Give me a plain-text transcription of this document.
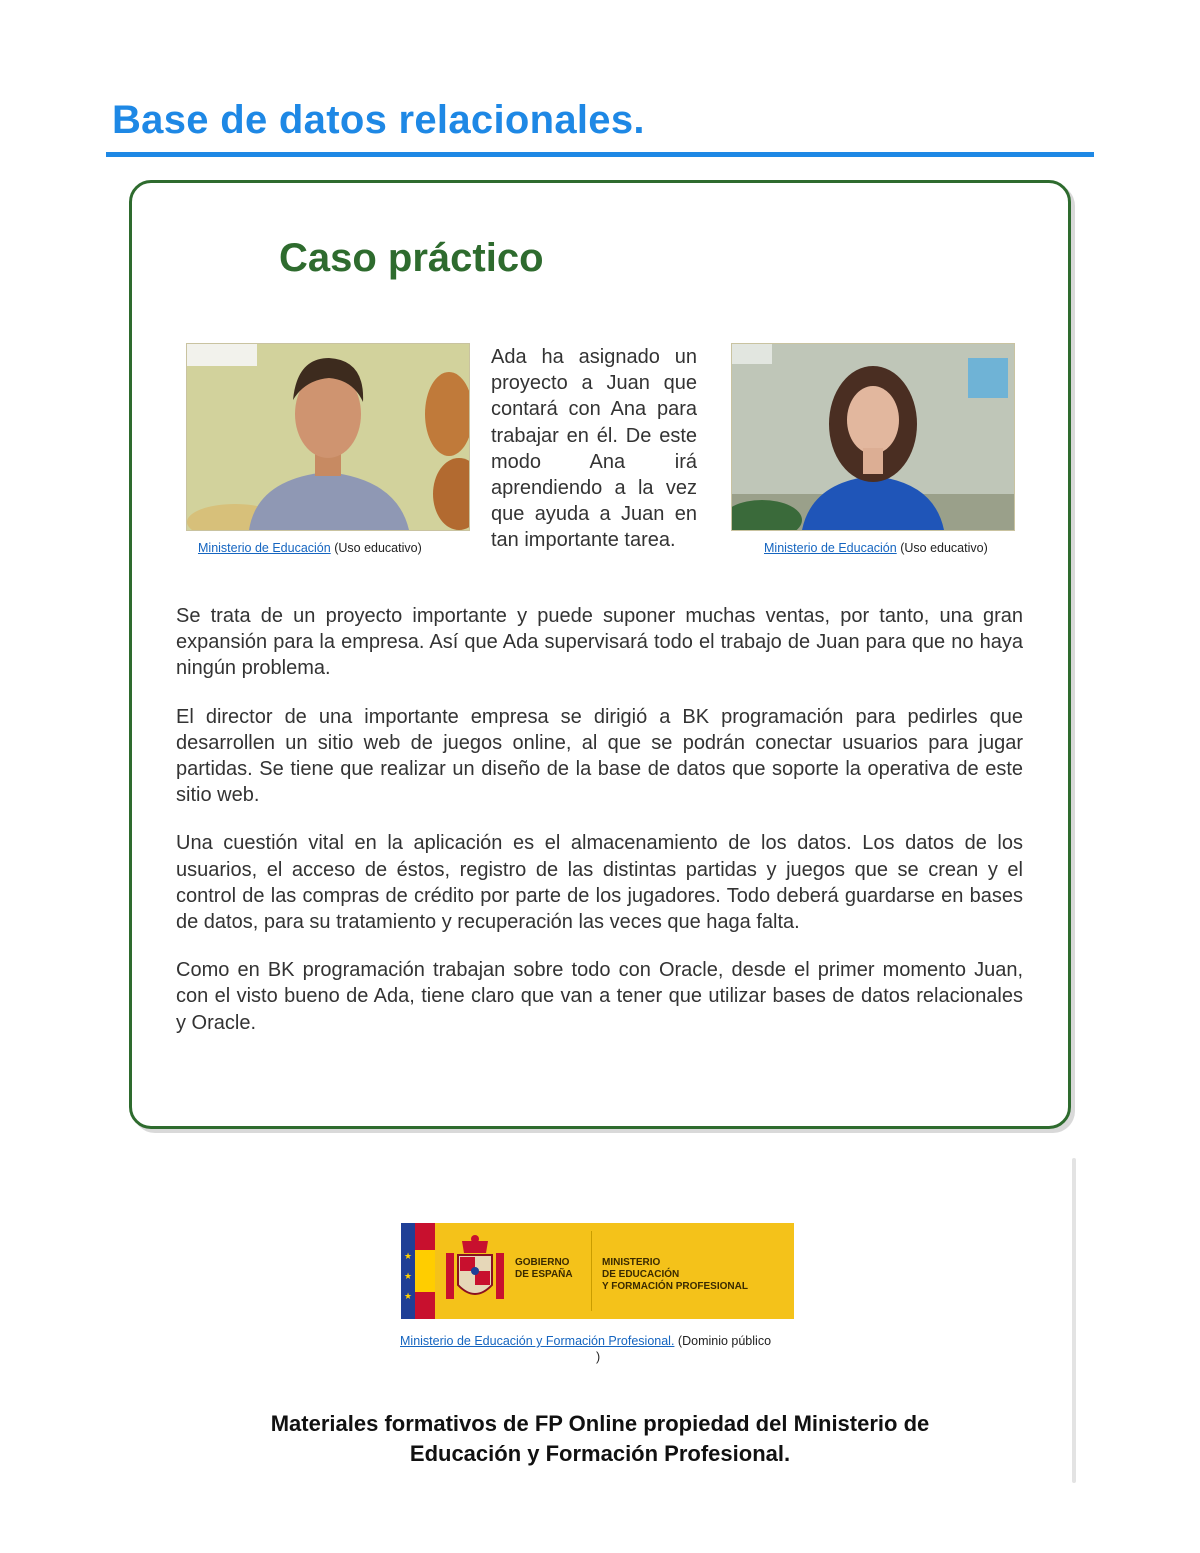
Base de datos relacionales.
Caso práctico
Ministerio de Educación (Uso educativo)

Ada ha asignado un proyecto a Juan que contará con Ana para trabajar en él. De este modo Ana irá aprendiendo a la vez que ayuda a Juan en tan importante tarea.	Ministerio de Educación (Uso educativo)

Se trata de un proyecto importante y puede suponer muchas ventas, por tanto, una gran expansión para la empresa. Así que Ada supervisará todo el trabajo de Juan para que no haya ningún problema.

El director de una importante empresa se dirigió a BK programación para pedirles que desarrollen un sitio web de juegos online, al que se podrán conectar usuarios para jugar partidas. Se tiene que realizar un diseño de la base de datos que soporte la operativa de este sitio web.

Una cuestión vital en la aplicación es el almacenamiento de los datos. Los datos de los usuarios, el acceso de éstos, registro de las distintas partidas y juegos que se crean y el control de las compras de crédito por parte de los jugadores. Todo deberá guardarse en bases de datos, para su tratamiento y recuperación las veces que haga falta.

Como en BK programación trabajan sobre todo con Oracle, desde el primer momento Juan, con el visto bueno de Ada, tiene claro que van a tener que utilizar bases de datos relacionales y Oracle.

★
★
★
GOBIERNO
DE ESPAÑA
MINISTERIO
DE EDUCACIÓN
Y FORMACIÓN PROFESIONAL
Ministerio de Educación y Formación Profesional. (Dominio público
)

Materiales formativos de FP Online propiedad del Ministerio de
Educación y Formación Profesional.
